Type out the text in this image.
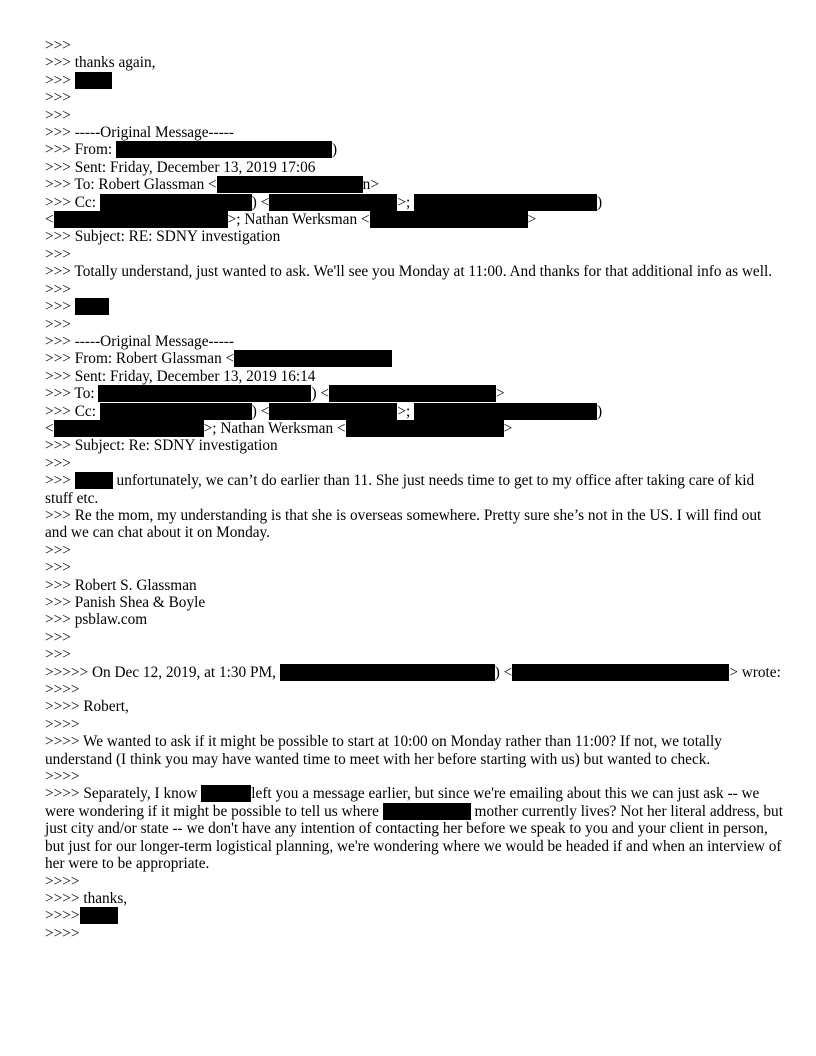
>>>
>>> thanks again,
>>>
>>>
>>>
>>> -----Original Message-----
>>> From:	)
>>> Sent: Friday, December 13, 2019 17:06
>>> To: Robert Glassman <	n>
>>> Cc:	) <	>;	)
<	>; Nathan Werksman <	>
>>> Subject: RE: SDNY investigation
>>>
>>> Totally understand, just wanted to ask. We'll see you Monday at 11:00. And thanks for that additional info as well.
>>>
>>>
>>>
>>> -----Original Message-----
>>> From: Robert Glassman <
>>> Sent: Friday, December 13, 2019 16:14
>>> To:	) <	>
>>> Cc:	) <	>;	)
<	>; Nathan Werksman <	>
>>> Subject: Re: SDNY investigation
>>>
>>>  unfortunately, we can’t do earlier than 11. She just needs time to get to my office after taking care of kid stuff etc.
>>> Re the mom, my understanding is that she is overseas somewhere. Pretty sure she’s not in the US. I will find out and we can chat about it on Monday.
>>>
>>>
>>> Robert S. Glassman
>>> Panish Shea & Boyle
>>> psblaw.com
>>>
>>>
>>>>> On Dec 12, 2019, at 1:30 PM,	) <	> wrote:
>>>>
>>>> Robert,
>>>>
>>>> We wanted to ask if it might be possible to start at 10:00 on Monday rather than 11:00? If not, we totally understand (I think you may have wanted time to meet with her before starting with us) but wanted to check.
>>>>
>>>> Separately, I know	left you a message earlier, but since we're emailing about this we can just ask -- we were wondering if it might be possible to tell us where	mother currently lives? Not her literal address, but just city and/or state -- we don't have any intention of contacting her before we speak to you and your client in person, but just for our longer-term logistical planning, we're wondering where we would be headed if and when an interview of her were to be appropriate.
>>>>
>>>> thanks,
>>>>
>>>>
